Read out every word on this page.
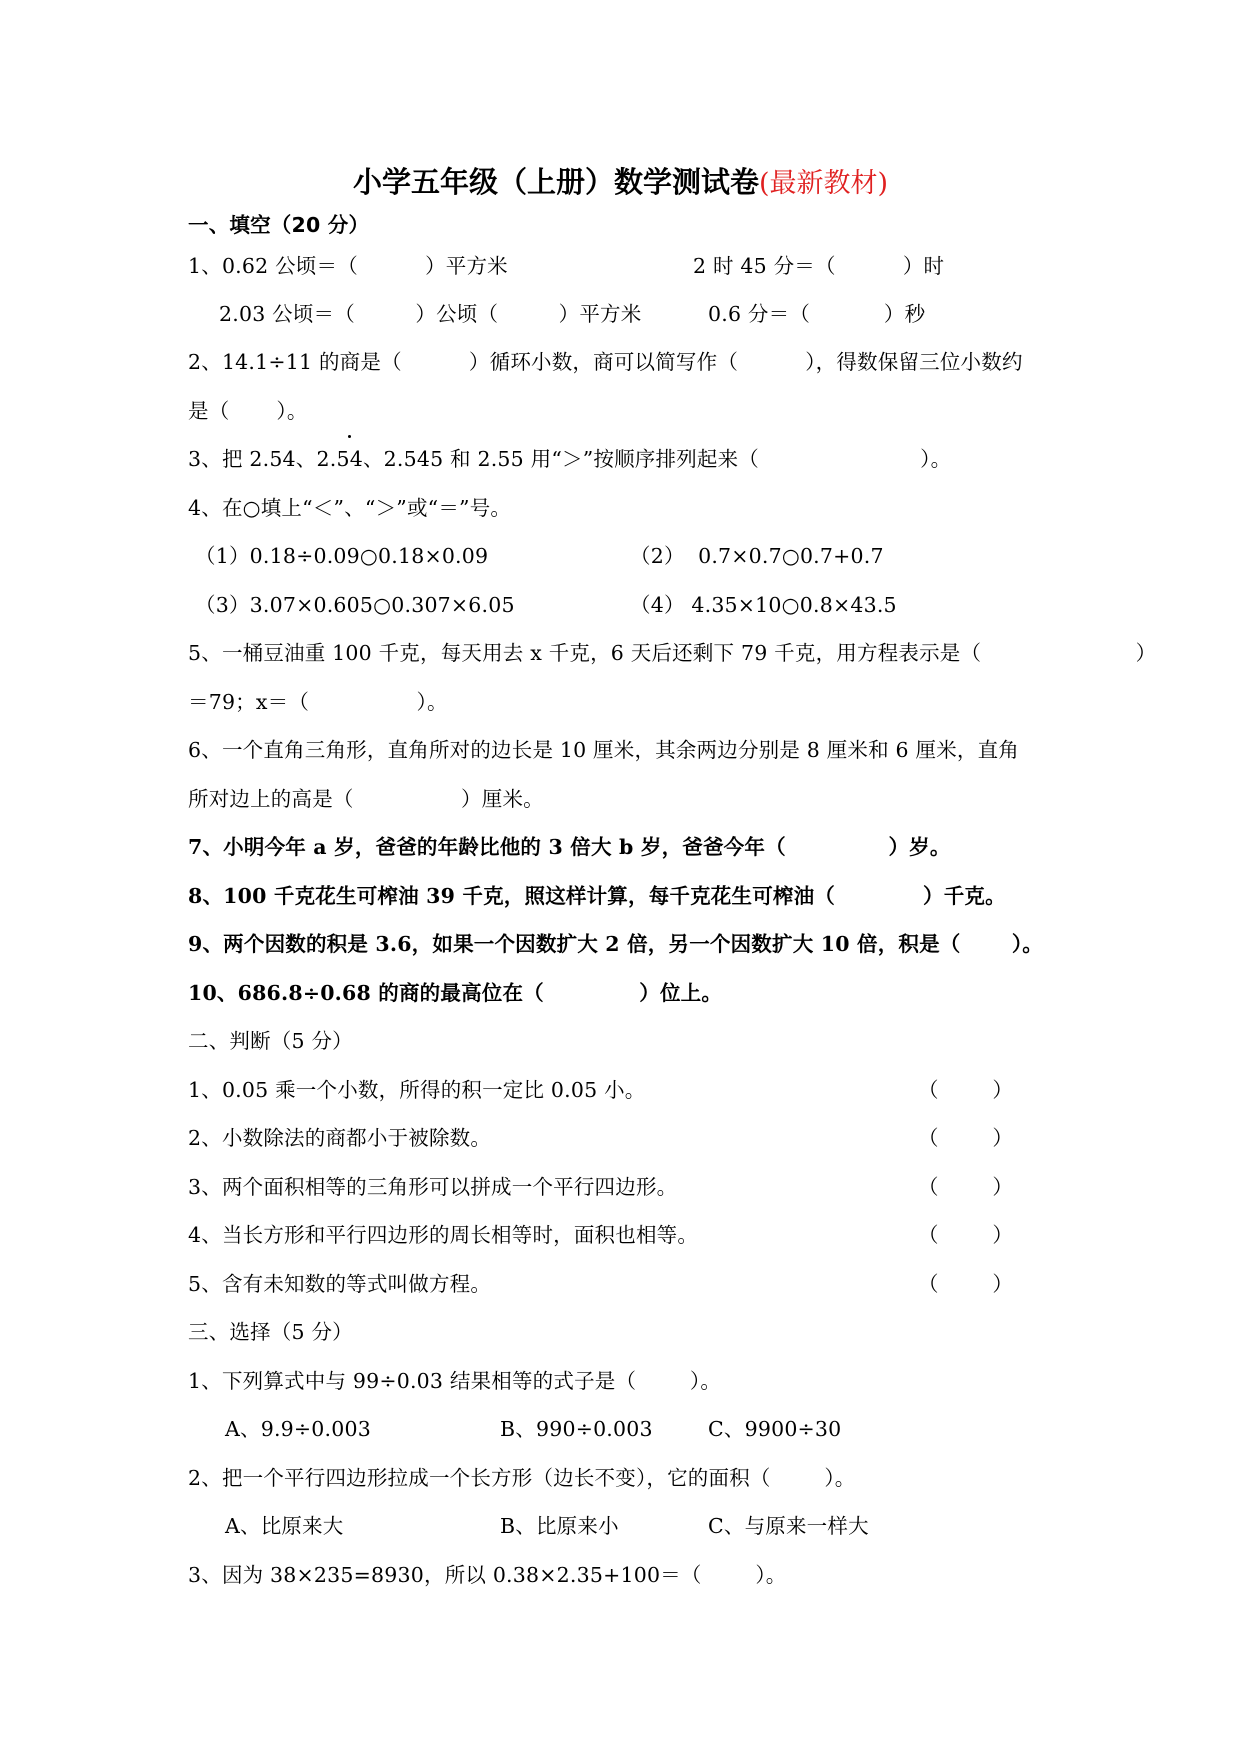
小学五年级（上册）数学测试卷(最新教材)
一、填空（20 分）
1、0.62 公顷＝（          ）平方米	2 时 45 分＝（          ）时
2.03 公顷＝（         ）公顷（         ）平方米	0.6 分＝（           ）秒
2、14.1÷11 的商是（          ）循环小数，商可以简写作（          ），得数保留三位小数约
是（       ）。
3、把 2.54、2.54、2.545 和 2.55 用“＞”按顺序排列起来（                        ）。
4、在○填上“＜”、“＞”或“＝”号。
（1）0.18÷0.09○0.18×0.09	（2）  0.7×0.7○0.7+0.7
（3）3.07×0.605○0.307×6.05	（4） 4.35×10○0.8×43.5
5、一桶豆油重 100 千克，每天用去 x 千克，6 天后还剩下 79 千克，用方程表示是（                       ）
＝79；x＝（                ）。
6、一个直角三角形，直角所对的边长是 10 厘米，其余两边分别是 8 厘米和 6 厘米，直角
所对边上的高是（                ）厘米。
7、小明今年 a 岁，爸爸的年龄比他的 3 倍大 b 岁，爸爸今年（              ）岁。
8、100 千克花生可榨油 39 千克，照这样计算，每千克花生可榨油（            ）千克。
9、两个因数的积是 3.6，如果一个因数扩大 2 倍，另一个因数扩大 10 倍，积是（       ）。
10、686.8÷0.68 的商的最高位在（             ）位上。
二、判断（5 分）
1、0.05 乘一个小数，所得的积一定比 0.05 小。	（        ）
2、小数除法的商都小于被除数。	（        ）
3、两个面积相等的三角形可以拼成一个平行四边形。	（        ）
4、当长方形和平行四边形的周长相等时，面积也相等。	（        ）
5、含有未知数的等式叫做方程。	（        ）
三、选择（5 分）
1、下列算式中与 99÷0.03 结果相等的式子是（        ）。
A、9.9÷0.003	B、990÷0.003	C、9900÷30
2、把一个平行四边形拉成一个长方形（边长不变），它的面积（        ）。
A、比原来大	B、比原来小	C、与原来一样大
3、因为 38×235=8930，所以 0.38×2.35+100＝（        ）。
